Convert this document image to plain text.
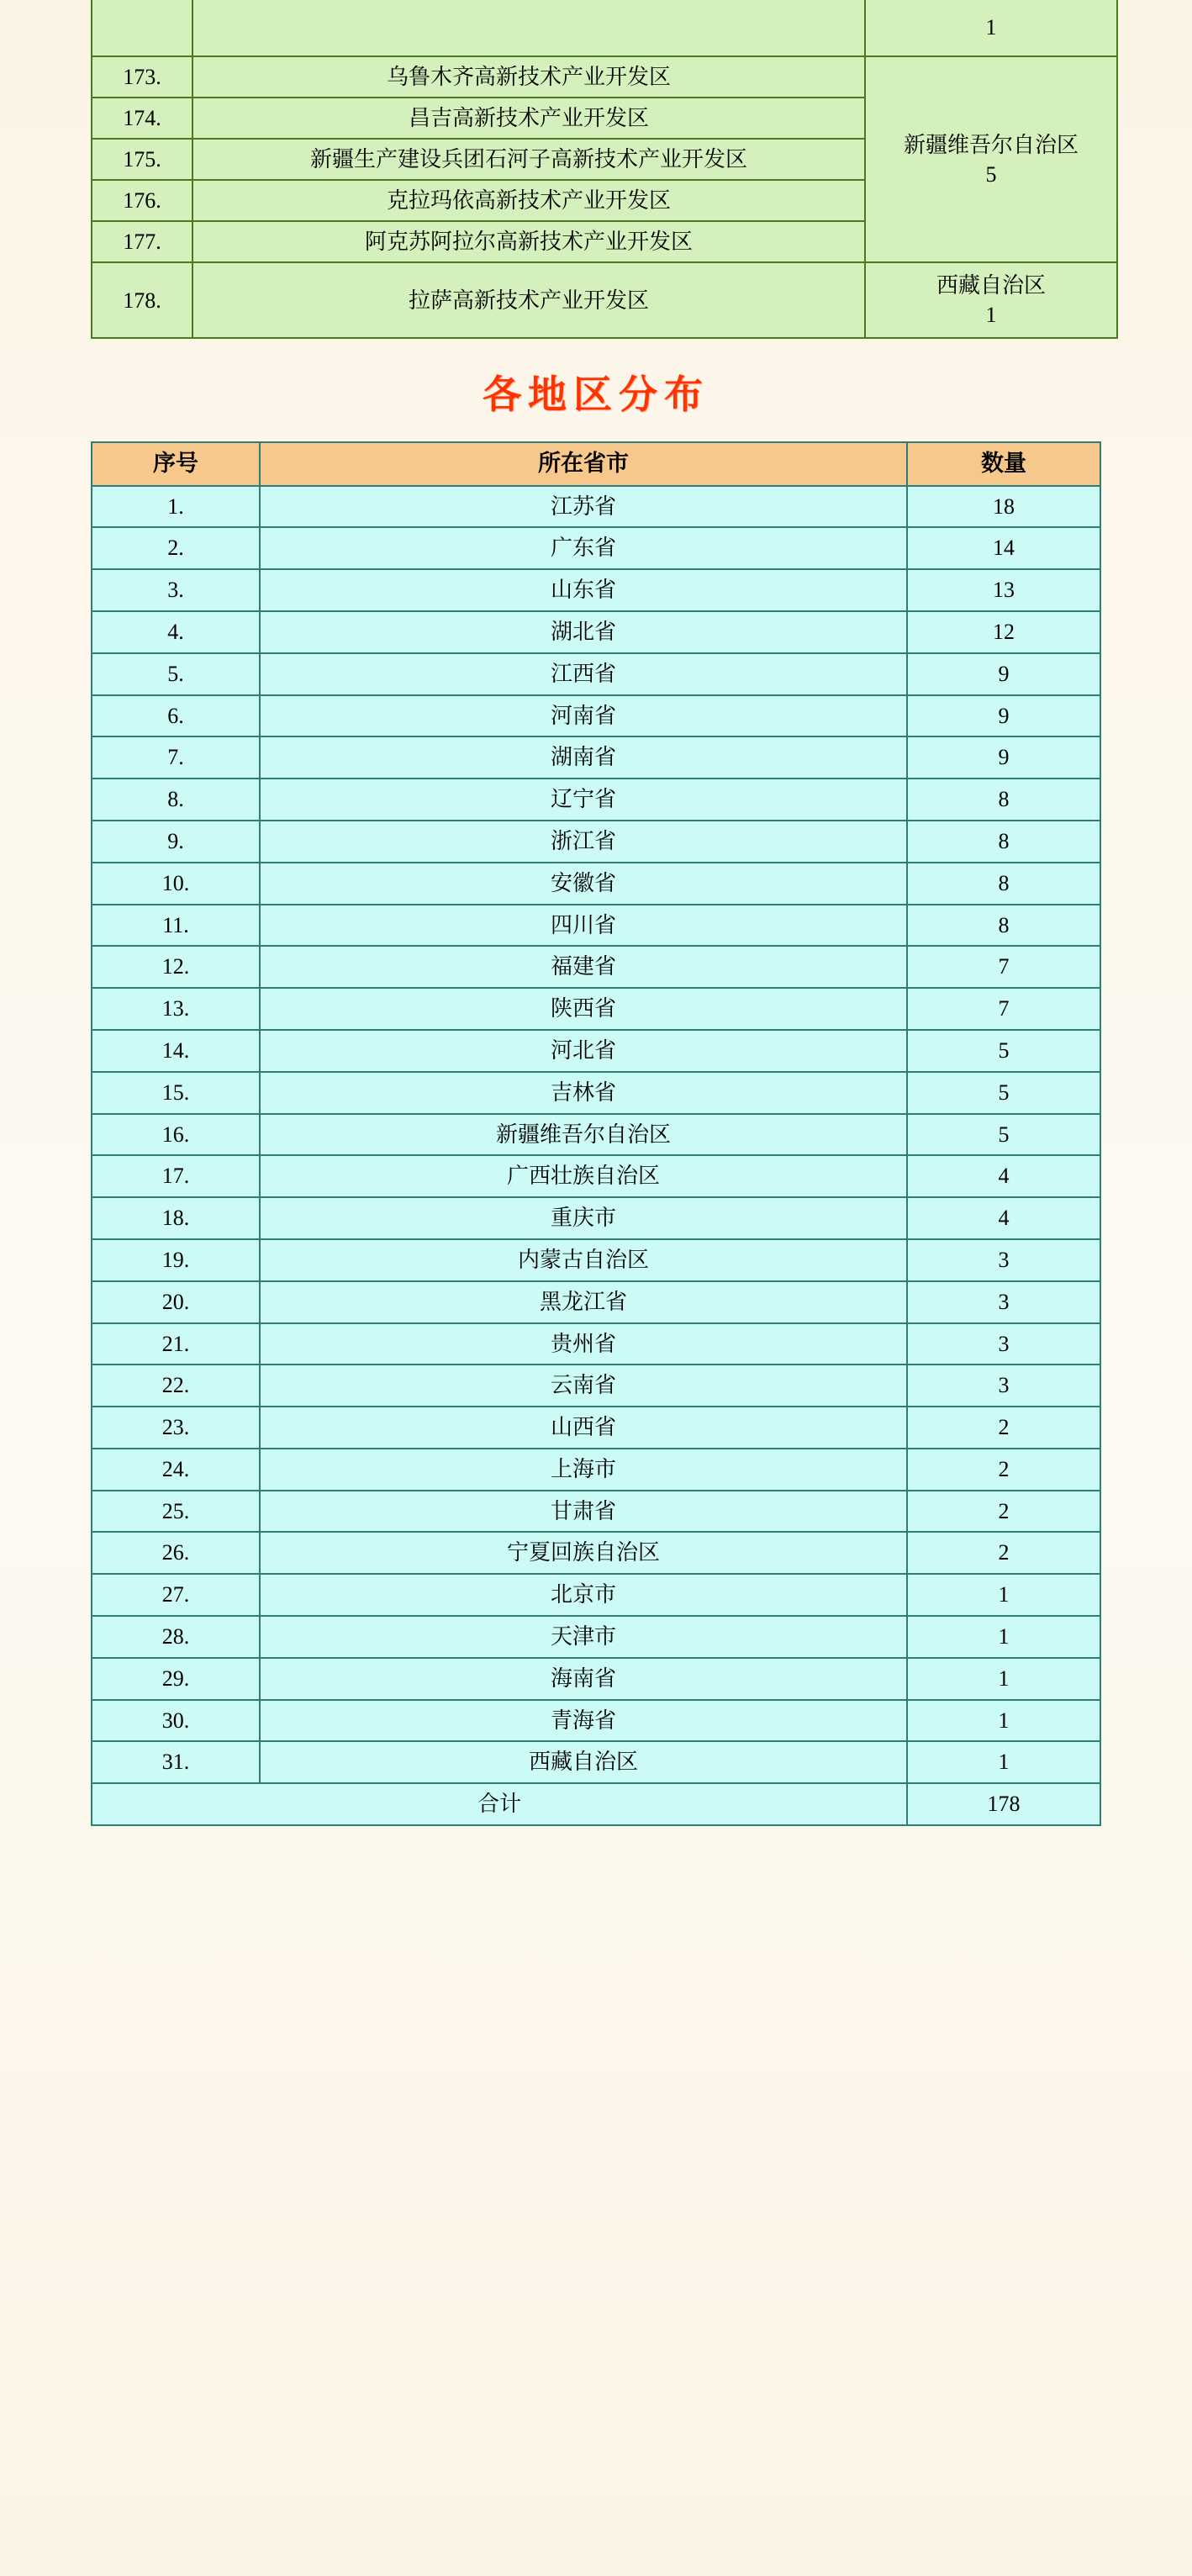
		1
173.	乌鲁木齐高新技术产业开发区	新疆维吾尔自治区
5
174.	昌吉高新技术产业开发区	
175.	新疆生产建设兵团石河子高新技术产业开发区	
176.	克拉玛依高新技术产业开发区	
177.	阿克苏阿拉尔高新技术产业开发区	
178.	拉萨高新技术产业开发区	西藏自治区
1
各地区分布
序号	所在省市	数量
1.	江苏省	18
2.	广东省	14
3.	山东省	13
4.	湖北省	12
5.	江西省	9
6.	河南省	9
7.	湖南省	9
8.	辽宁省	8
9.	浙江省	8
10.	安徽省	8
11.	四川省	8
12.	福建省	7
13.	陕西省	7
14.	河北省	5
15.	吉林省	5
16.	新疆维吾尔自治区	5
17.	广西壮族自治区	4
18.	重庆市	4
19.	内蒙古自治区	3
20.	黑龙江省	3
21.	贵州省	3
22.	云南省	3
23.	山西省	2
24.	上海市	2
25.	甘肃省	2
26.	宁夏回族自治区	2
27.	北京市	1
28.	天津市	1
29.	海南省	1
30.	青海省	1
31.	西藏自治区	1
合计		178
